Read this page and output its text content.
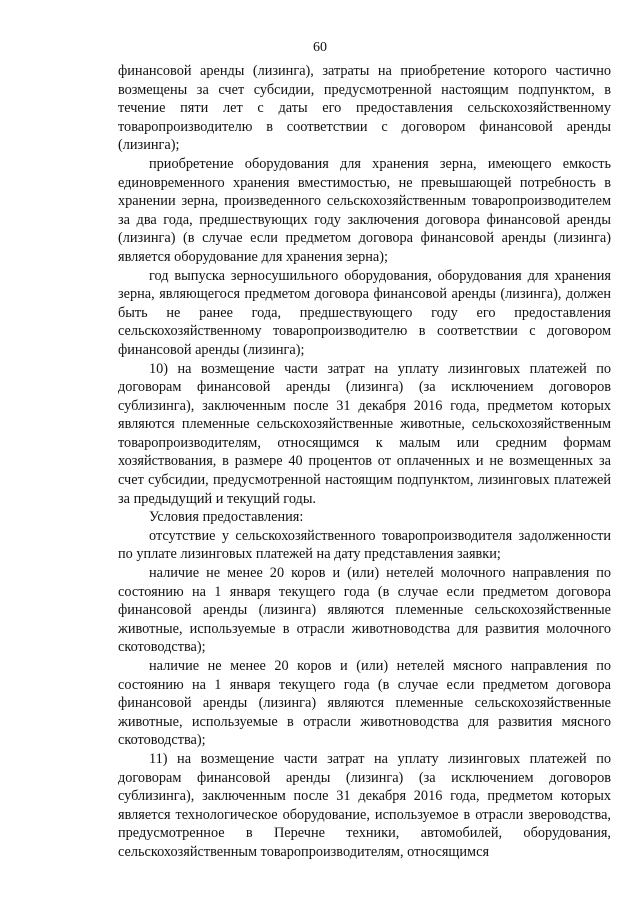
60

финансовой аренды (лизинга), затраты на приобретение которого частично возмещены за счет субсидии, предусмотренной настоящим подпунктом, в течение пяти лет с даты его предоставления сельскохозяйственному товаропроизводителю в соответствии с договором финансовой аренды (лизинга);

приобретение оборудования для хранения зерна, имеющего емкость единовременного хранения вместимостью, не превышающей потребность в хранении зерна, произведенного сельскохозяйственным товаропроизводителем за два года, предшествующих году заключения договора финансовой аренды (лизинга) (в случае если предметом договора финансовой аренды (лизинга) является оборудование для хранения зерна);

год выпуска зерносушильного оборудования, оборудования для хранения зерна, являющегося предметом договора финансовой аренды (лизинга), должен быть не ранее года, предшествующего году его предоставления сельскохозяйственному товаропроизводителю в соответствии с договором финансовой аренды (лизинга);

10) на возмещение части затрат на уплату лизинговых платежей по договорам финансовой аренды (лизинга) (за исключением договоров сублизинга), заключенным после 31 декабря 2016 года, предметом которых являются племенные сельскохозяйственные животные, сельскохозяйственным товаропроизводителям, относящимся к малым или средним формам хозяйствования, в размере 40 процентов от оплаченных и не возмещенных за счет субсидии, предусмотренной настоящим подпунктом, лизинговых платежей за предыдущий и текущий годы.

Условия предоставления:

отсутствие у сельскохозяйственного товаропроизводителя задолженности по уплате лизинговых платежей на дату представления заявки;

наличие не менее 20 коров и (или) нетелей молочного направления по состоянию на 1 января текущего года (в случае если предметом договора финансовой аренды (лизинга) являются племенные сельскохозяйственные животные, используемые в отрасли животноводства для развития молочного скотоводства);

наличие не менее 20 коров и (или) нетелей мясного направления по состоянию на 1 января текущего года (в случае если предметом договора финансовой аренды (лизинга) являются племенные сельскохозяйственные животные, используемые в отрасли животноводства для развития мясного скотоводства);

11) на возмещение части затрат на уплату лизинговых платежей по договорам финансовой аренды (лизинга) (за исключением договоров сублизинга), заключенным после 31 декабря 2016 года, предметом которых является технологическое оборудование, используемое в отрасли звероводства, предусмотренное в Перечне техники, автомобилей, оборудования, сельскохозяйственным товаропроизводителям, относящимся
